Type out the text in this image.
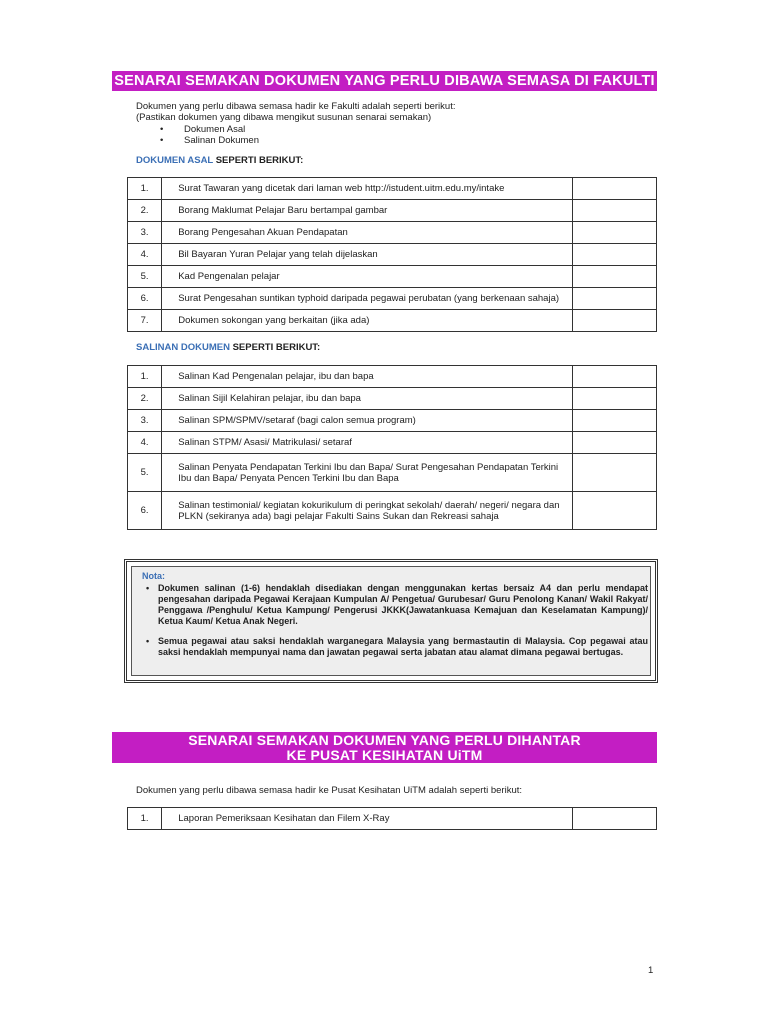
SENARAI SEMAKAN DOKUMEN YANG PERLU DIBAWA SEMASA DI FAKULTI
Dokumen yang perlu dibawa semasa hadir ke Fakulti adalah seperti berikut:
(Pastikan dokumen yang dibawa mengikut susunan senarai semakan)
• Dokumen Asal
• Salinan Dokumen
DOKUMEN ASAL SEPERTI BERIKUT:
1.	Surat Tawaran yang dicetak dari laman web http://istudent.uitm.edu.my/intake	
2.	Borang Maklumat Pelajar Baru bertampal gambar	
3.	Borang Pengesahan Akuan Pendapatan	
4.	Bil Bayaran Yuran Pelajar yang telah dijelaskan	
5.	Kad Pengenalan pelajar	
6.	Surat Pengesahan suntikan typhoid daripada pegawai perubatan (yang berkenaan sahaja)	
7.	Dokumen sokongan yang berkaitan (jika ada)	
SALINAN DOKUMEN SEPERTI BERIKUT:
1.	Salinan Kad Pengenalan pelajar, ibu dan bapa	
2.	Salinan Sijil Kelahiran pelajar, ibu dan bapa	
3.	Salinan SPM/SPMV/setaraf (bagi calon semua program)	
4.	Salinan STPM/ Asasi/ Matrikulasi/ setaraf	
5.	Salinan Penyata Pendapatan Terkini Ibu dan Bapa/ Surat Pengesahan Pendapatan Terkini Ibu dan Bapa/ Penyata Pencen Terkini Ibu dan Bapa	
6.	Salinan testimonial/ kegiatan kokurikulum di peringkat sekolah/ daerah/ negeri/ negara dan PLKN (sekiranya ada) bagi pelajar Fakulti Sains Sukan dan Rekreasi sahaja	
Nota:
• Dokumen salinan (1-6) hendaklah disediakan dengan menggunakan kertas bersaiz A4 dan perlu mendapat pengesahan daripada Pegawai Kerajaan Kumpulan A/ Pengetua/ Gurubesar/ Guru Penolong Kanan/ Wakil Rakyat/ Penggawa /Penghulu/ Ketua Kampung/ Pengerusi JKKK(Jawatankuasa Kemajuan dan Keselamatan Kampung)/ Ketua Kaum/ Ketua Anak Negeri.
• Semua pegawai atau saksi hendaklah warganegara Malaysia yang bermastautin di Malaysia. Cop pegawai atau saksi hendaklah mempunyai nama dan jawatan pegawai serta jabatan atau alamat dimana pegawai bertugas.
SENARAI SEMAKAN DOKUMEN YANG PERLU DIHANTAR
KE PUSAT KESIHATAN UiTM
Dokumen yang perlu dibawa semasa hadir ke Pusat Kesihatan UiTM adalah seperti berikut:
1.	Laporan Pemeriksaan Kesihatan dan Filem X-Ray	
1
